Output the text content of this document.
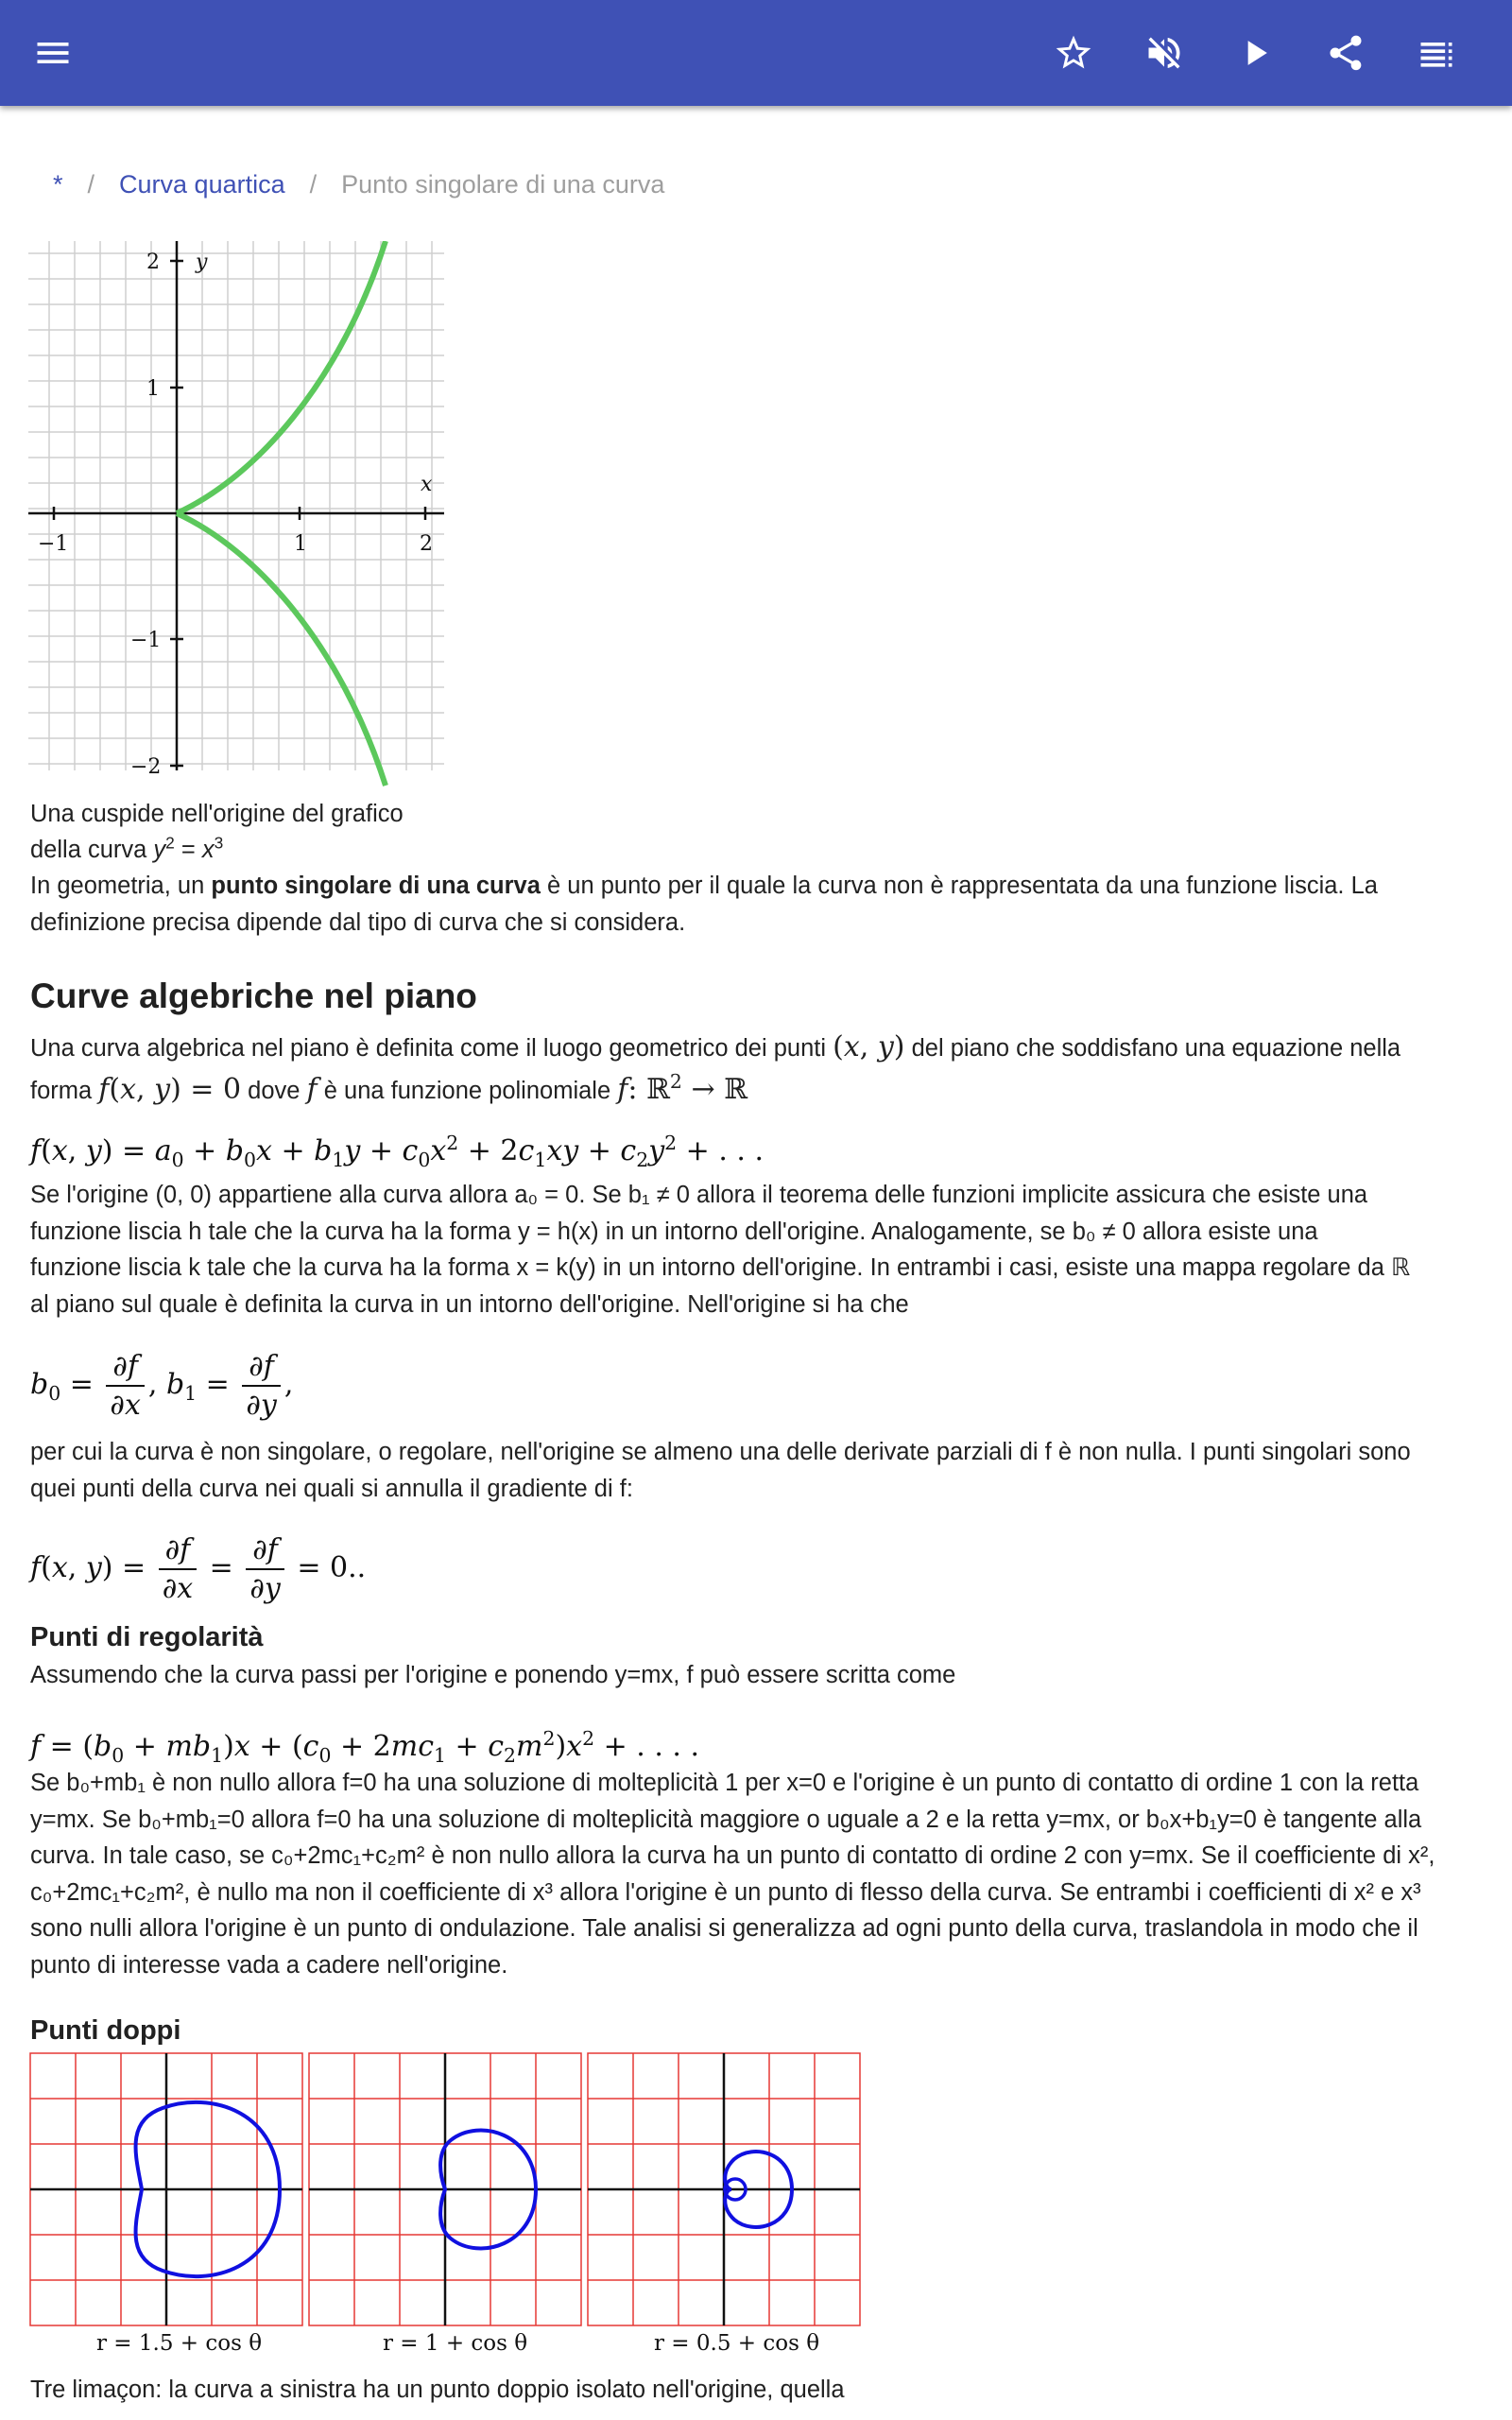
* / Curva quartica / Punto singolare di una curva
−1	1	2
2
1
−1
−2
x
y
Una cuspide nell'origine del grafico
della curva $y^2 = x^3$
In geometria, un punto singolare di una curva è un punto per il quale la curva non è rappresentata da una funzione liscia. La
definizione precisa dipende dal tipo di curva che si considera.
Curve algebriche nel piano
Una curva algebrica nel piano è definita come il luogo geometrico dei punti (x, y) del piano che soddisfano una equazione nella
forma f(x, y) = 0 dove f è una funzione polinomiale f: ℝ$^2$ → ℝ
f(x, $y) = a_0 + b_0x + b_1y + c_0x^2 + 2c_1xy + c_2y^2$ + . . .
Se l'origine (0, 0) appartiene alla curva allora a₀ = 0. Se b₁ ≠ 0 allora il teorema delle funzioni implicite assicura che esiste una
funzione liscia h tale che la curva ha la forma y = h(x) in un intorno dell'origine. Analogamente, se b₀ ≠ 0 allora esiste una
funzione liscia k tale che la curva ha la forma x = k(y) in un intorno dell'origine. In entrambi i casi, esiste una mappa regolare da ℝ
al piano sul quale è definita la curva in un intorno dell'origine. Nell'origine si ha che
$b_0 = \frac{\partial f}{\partial x}$ , $b_1 = \frac{\partial f}{\partial y}$ ,
per cui la curva è non singolare, o regolare, nell'origine se almeno una delle derivate parziali di f è non nulla. I punti singolari sono
quei punti della curva nei quali si annulla il gradiente di f:
f(x, $y) = \frac{\partial f}{\partial x} = \frac{\partial f}{\partial y} = 0$..
Punti di regolarità
Assumendo che la curva passi per l'origine e ponendo y=mx, f può essere scritta come
$f = (b_0 + mb_1)x + (c_0 + 2mc_1 + c_2m^2)x^2$ + . . . .
Se b₀+mb₁ è non nullo allora f=0 ha una soluzione di molteplicità 1 per x=0 e l'origine è un punto di contatto di ordine 1 con la retta
y=mx. Se b₀+mb₁=0 allora f=0 ha una soluzione di molteplicità maggiore o uguale a 2 e la retta y=mx, or b₀x+b₁y=0 è tangente alla
curva. In tale caso, se c₀+2mc₁+c₂m² è non nullo allora la curva ha un punto di contatto di ordine 2 con y=mx. Se il coefficiente di x²,
c₀+2mc₁+c₂m², è nullo ma non il coefficiente di x³ allora l'origine è un punto di flesso della curva. Se entrambi i coefficienti di x² e x³
sono nulli allora l'origine è un punto di ondulazione. Tale analisi si generalizza ad ogni punto della curva, traslandola in modo che il
punto di interesse vada a cadere nell'origine.
Punti doppi
r = 1.5 + cos θ	r = 1 + cos θ	r = 0.5 + cos θ
Tre limaçon: la curva a sinistra ha un punto doppio isolato nell'origine, quella
